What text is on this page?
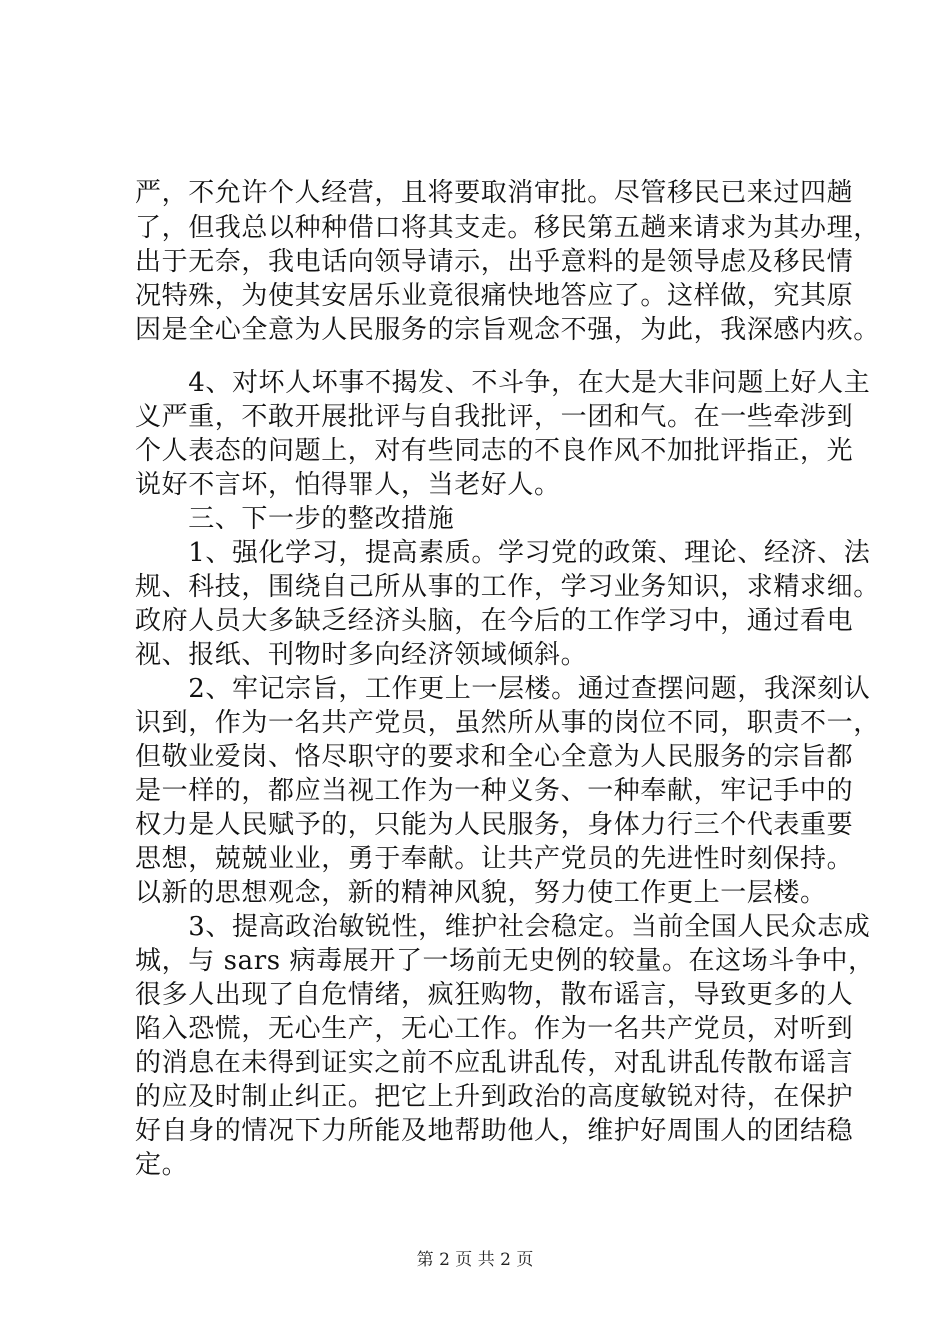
严，不允许个人经营，且将要取消审批。尽管移民已来过四趟
了，但我总以种种借口将其支走。移民第五趟来请求为其办理，
出于无奈，我电话向领导请示，出乎意料的是领导虑及移民情
况特殊，为使其安居乐业竟很痛快地答应了。这样做，究其原
因是全心全意为人民服务的宗旨观念不强，为此，我深感内疚。
　　4、对坏人坏事不揭发、不斗争，在大是大非问题上好人主
义严重，不敢开展批评与自我批评，一团和气。在一些牵涉到
个人表态的问题上，对有些同志的不良作风不加批评指正，光
说好不言坏，怕得罪人，当老好人。
　　三、下一步的整改措施
　　1、强化学习，提高素质。学习党的政策、理论、经济、法
规、科技，围绕自己所从事的工作，学习业务知识，求精求细。
政府人员大多缺乏经济头脑，在今后的工作学习中，通过看电
视、报纸、刊物时多向经济领域倾斜。
　　2、牢记宗旨，工作更上一层楼。通过查摆问题，我深刻认
识到，作为一名共产党员，虽然所从事的岗位不同，职责不一，
但敬业爱岗、恪尽职守的要求和全心全意为人民服务的宗旨都
是一样的，都应当视工作为一种义务、一种奉献，牢记手中的
权力是人民赋予的，只能为人民服务，身体力行三个代表重要
思想，兢兢业业，勇于奉献。让共产党员的先进性时刻保持。
以新的思想观念，新的精神风貌，努力使工作更上一层楼。
　　3、提高政治敏锐性，维护社会稳定。当前全国人民众志成
城，与 sars 病毒展开了一场前无史例的较量。在这场斗争中，
很多人出现了自危情绪，疯狂购物，散布谣言，导致更多的人
陷入恐慌，无心生产，无心工作。作为一名共产党员，对听到
的消息在未得到证实之前不应乱讲乱传，对乱讲乱传散布谣言
的应及时制止纠正。把它上升到政治的高度敏锐对待，在保护
好自身的情况下力所能及地帮助他人，维护好周围人的团结稳
定。
第 2 页 共 2 页
